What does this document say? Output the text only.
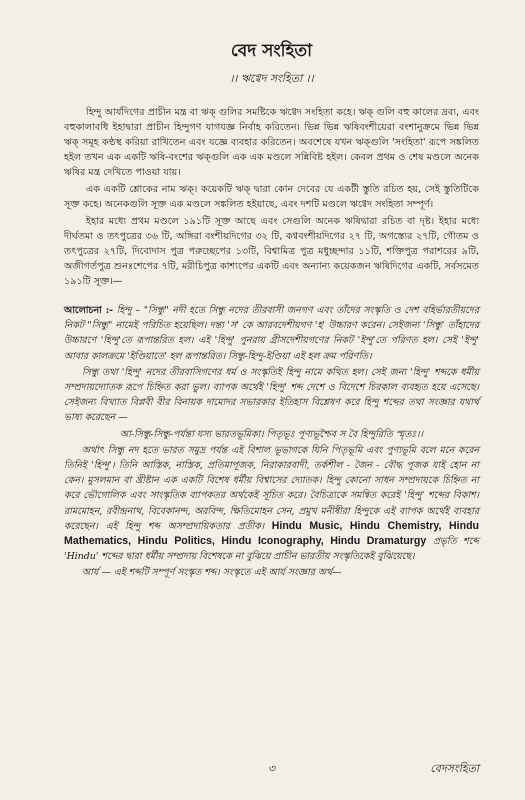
বেদ সংহিতা
।। ঋগ্বেদ সংহিতা ।।

হিন্দু আর্যদিগের প্রাচীন মন্ত্র বা ঋক্ গুলির সমষ্টিকে ঋগ্বেদ সংহিতা কহে। ঋক্ গুলি বহু কালের দ্রব্য, এবং বহুকালাবধি ইহাদ্বারা প্রাচীন হিন্দুগণ যাগযজ্ঞ নির্বাহ করিতেন। ভিন্ন ভিন্ন ঋষিবংশীয়েরা বংশানুক্রমে ভিন্ন ভিন্ন ঋক্ সমূহ কণ্ঠস্থ করিয়া রাখিতেন এবং যজ্ঞে ব্যবহার করিতেন। অবশেষে যখন ঋক্গুলি 'সংহিতা' রূপে সঙ্কলিত হইল তখন এক একটি ঋষি-বংশের ঋক্গুলি এক এক মণ্ডলে সন্নিবিষ্ট হইল। কেবল প্রথম ও শেষ মণ্ডলে অনেক ঋষির মন্ত্র দেখিতে পাওয়া যায়।

এক একটি শ্লোকের নাম ঋক্। কয়েকটি ঋক্ দ্বারা কোন দেবের যে একটী স্তুতি রচিত হয়, সেই স্তুতিটিকে সূক্ত কহে। অনেকগুলি সূক্ত এক মণ্ডলে সঙ্কলিত হইয়াছে, এবং দশটি মণ্ডলে ঋগ্বেদ সংহিতা সম্পূর্ণ।

ইহার মধ্যে প্রথম মণ্ডলে ১৯১টি সূক্ত আছে এবং সেগুলি অনেক ঋষিদ্বারা রচিত বা দৃষ্ট। ইহার মধ্যে দীর্ঘতমা ও তৎপুত্রের ৩৬ টি, অঙ্গিরা বংশীয়দিগের ৩২ টি, কণ্ববংশীয়দিগের ২৭ টি, অগস্ত্যের ২৭টি, গৌতম ও তৎপুত্রের ২৭টি, দিবোদাস পুত্র পরুচ্ছেপের ১৩টি, বিশ্বামিত্র পুত্র মধুচ্ছন্দার ১১টি, শক্তিপুত্র পরাশরের ৯টি, অজীগর্তপুত্র শুনঃশেপের ৭টি, মরীচিপুত্র কাশ্যপের একটি এবং অন্যান্য কয়েকজন ঋষিদিগের একটি, সর্বসমেত ১৯১টি সূক্ত।—

আলোচনা :- হিন্দু – "সিন্ধু" নদী হতে সিন্ধু নদের তীরবাসী জনগণ এবং তাঁদের সংস্কৃতি ও দেশ বহির্ভারতীয়দের নিকট "সিন্ধু" নামেই পরিচিত হয়েছিল। দন্ত্য 'স' কে আরবদেশীয়গণ 'হ' উচ্চারণ করেন। সেইজন্য 'সিন্ধু' তাঁহাদের উচ্চারণে 'হিন্দু'তে রূপান্তরিত হল। এই 'হিন্দু' পুনরায় গ্রীসদেশীয়গণের নিকট 'ইন্দু'তে পরিণত হল। সেই 'ইন্দু' আবার কালক্রমে 'ইণ্ডিয়াতে' হল রূপান্তরিত। সিন্ধু-হিন্দু-ইণ্ডিয়া এই হল ক্রম পরিণতি।

সিন্ধু তথা 'হিন্দু' নদের তীরবাসিগণের ধর্ম ও সংস্কৃতিই হিন্দু নামে কথিত হল। সেই জন্য 'হিন্দু' শব্দকে ধর্মীয় সম্প্রদায়দ্যোতক রূপে চিহ্নিত করা ভুল। ব্যাপক অর্থেই 'হিন্দু' শব্দ দেশে ও বিদেশে চিরকাল ব্যবহৃত হয়ে এসেছে। সেইজন্য বিখ্যাত বিপ্লবী বীর বিনায়ক দামোদর সভারকার ইতিহাস বিশ্লেষণ করে হিন্দু শব্দের তথা সংজ্ঞার যথার্থ ভাষ্য করেছেন —

আ-সিন্ধু-সিন্ধু-পর্যন্তা যস্য ভারতভূমিকা। পিতৃভূঃ পূণ্যভূশ্চৈব স বৈ হিন্দুরিতি স্মৃতঃ।।

অর্থাৎ সিন্ধু নদ হতে ভারত সমুদ্র পর্যন্ত এই বিশাল ভূভাগকে যিনি পিতৃভূমি এবং পুণ্যভূমি বলে মনে করেন তিনিই 'হিন্দু'। তিনি আস্তিক, নাস্তিক, প্রতিমাপূজক, নিরাকারবাদী, তর্কশীল - জৈন - বৌদ্ধ পূজক যাই হোন না কেন। মুসলমান বা খ্রীষ্টান এক একটি বিশেষ ধর্মীয় বিশ্বাসের দ্যোতক। হিন্দু কোনো সাধন সম্প্রদায়কে চিহ্নিত না করে ভৌগোলিক এবং সাংস্কৃতিক ব্যাপকতর অর্থকেই সূচিত করে। বৈচিত্র্যকে সমন্বিত করেই 'হিন্দু' শব্দের বিকাশ। রামমোহন, রবীন্দ্রনাথ, বিবেকানন্দ, অরবিন্দ, ক্ষিতিমোহন সেন, প্রমুখ মনীষীরা হিন্দুকে এই ব্যাপক অর্থেই ব্যবহার করেছেন। এই হিন্দু শব্দ অসম্প্রদায়িকতার প্রতীক। Hindu Music, Hindu Chemistry, Hindu Mathematics, Hindu Politics, Hindu Iconography, Hindu Dramaturgy প্রভৃতি শব্দে 'Hindu' শব্দের দ্বারা ধর্মীয় সম্প্রদায় বিশেষকে না বুঝিয়ে প্রাচীন ভারতীয় সংস্কৃতিকেই বুঝিয়েছে।

আর্য — এই শব্দটি সম্পূর্ণ সংস্কৃত শব্দ। সংস্কৃতে এই আর্য সংজ্ঞার অর্থ—

৩	বেদসংহিতা
